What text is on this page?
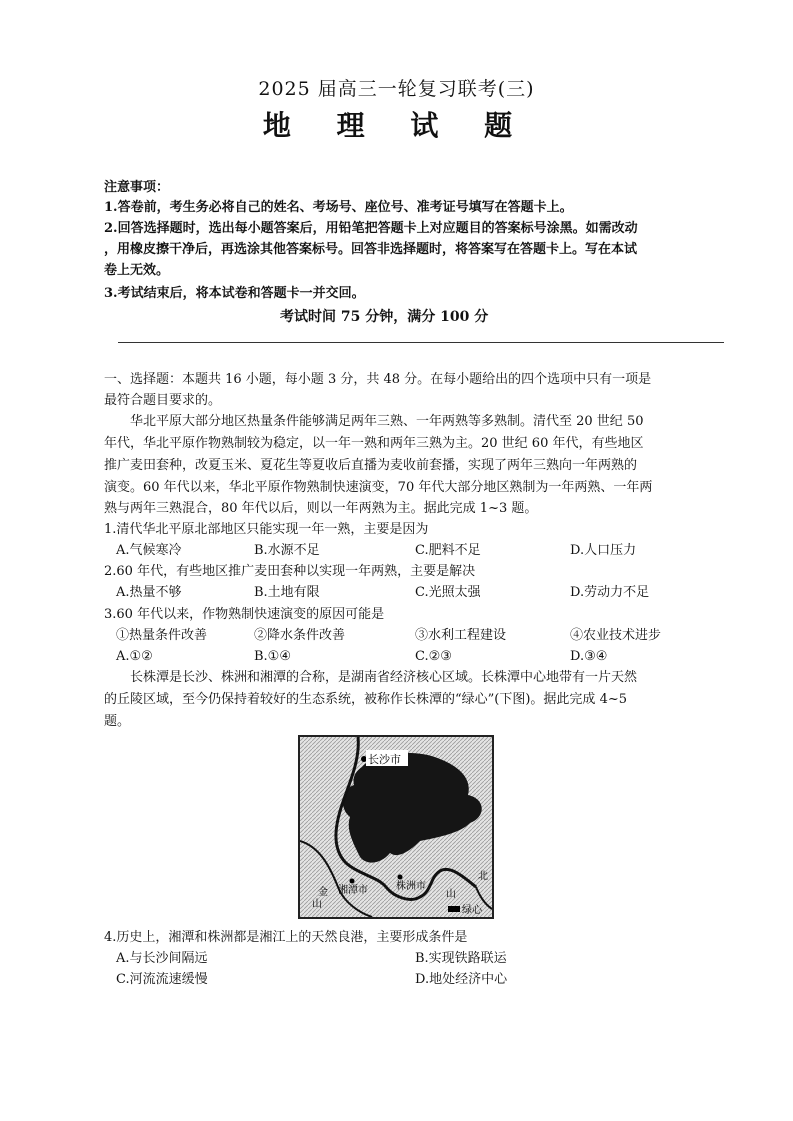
2025 届高三一轮复习联考(三)
地 理 试 题
注意事项：
1.答卷前，考生务必将自己的姓名、考场号、座位号、准考证号填写在答题卡上。
2.回答选择题时，选出每小题答案后，用铅笔把答题卡上对应题目的答案标号涂黑。如需改动
，用橡皮擦干净后，再选涂其他答案标号。回答非选择题时，将答案写在答题卡上。写在本试
卷上无效。
3.考试结束后，将本试卷和答题卡一并交回。
考试时间 75 分钟，满分 100 分
一、选择题：本题共 16 小题，每小题 3 分，共 48 分。在每小题给出的四个选项中只有一项是
最符合题目要求的。
华北平原大部分地区热量条件能够满足两年三熟、一年两熟等多熟制。清代至 20 世纪 50
年代，华北平原作物熟制较为稳定，以一年一熟和两年三熟为主。20 世纪 60 年代，有些地区
推广麦田套种，改夏玉米、夏花生等夏收后直播为麦收前套播，实现了两年三熟向一年两熟的
演变。60 年代以来，华北平原作物熟制快速演变，70 年代大部分地区熟制为一年两熟、一年两
熟与两年三熟混合，80 年代以后，则以一年两熟为主。据此完成 1~3 题。
1.清代华北平原北部地区只能实现一年一熟，主要是因为
A.气候寒冷	B.水源不足	C.肥料不足	D.人口压力
2.60 年代，有些地区推广麦田套种以实现一年两熟，主要是解决
A.热量不够	B.土地有限	C.光照太强	D.劳动力不足
3.60 年代以来，作物熟制快速演变的原因可能是
①热量条件改善	②降水条件改善	③水利工程建设	④农业技术进步
A.①②	B.①④	C.②③	D.③④
长株潭是长沙、株洲和湘潭的合称，是湖南省经济核心区域。长株潭中心地带有一片天然
的丘陵区域，至今仍保持着较好的生态系统，被称作长株潭的“绿心”(下图)。据此完成 4~5
题。
长沙市
湘潭市	株洲市
金
山
山
北
绿心
4.历史上，湘潭和株洲都是湘江上的天然良港，主要形成条件是
A.与长沙间隔远	B.实现铁路联运
C.河流流速缓慢	D.地处经济中心
